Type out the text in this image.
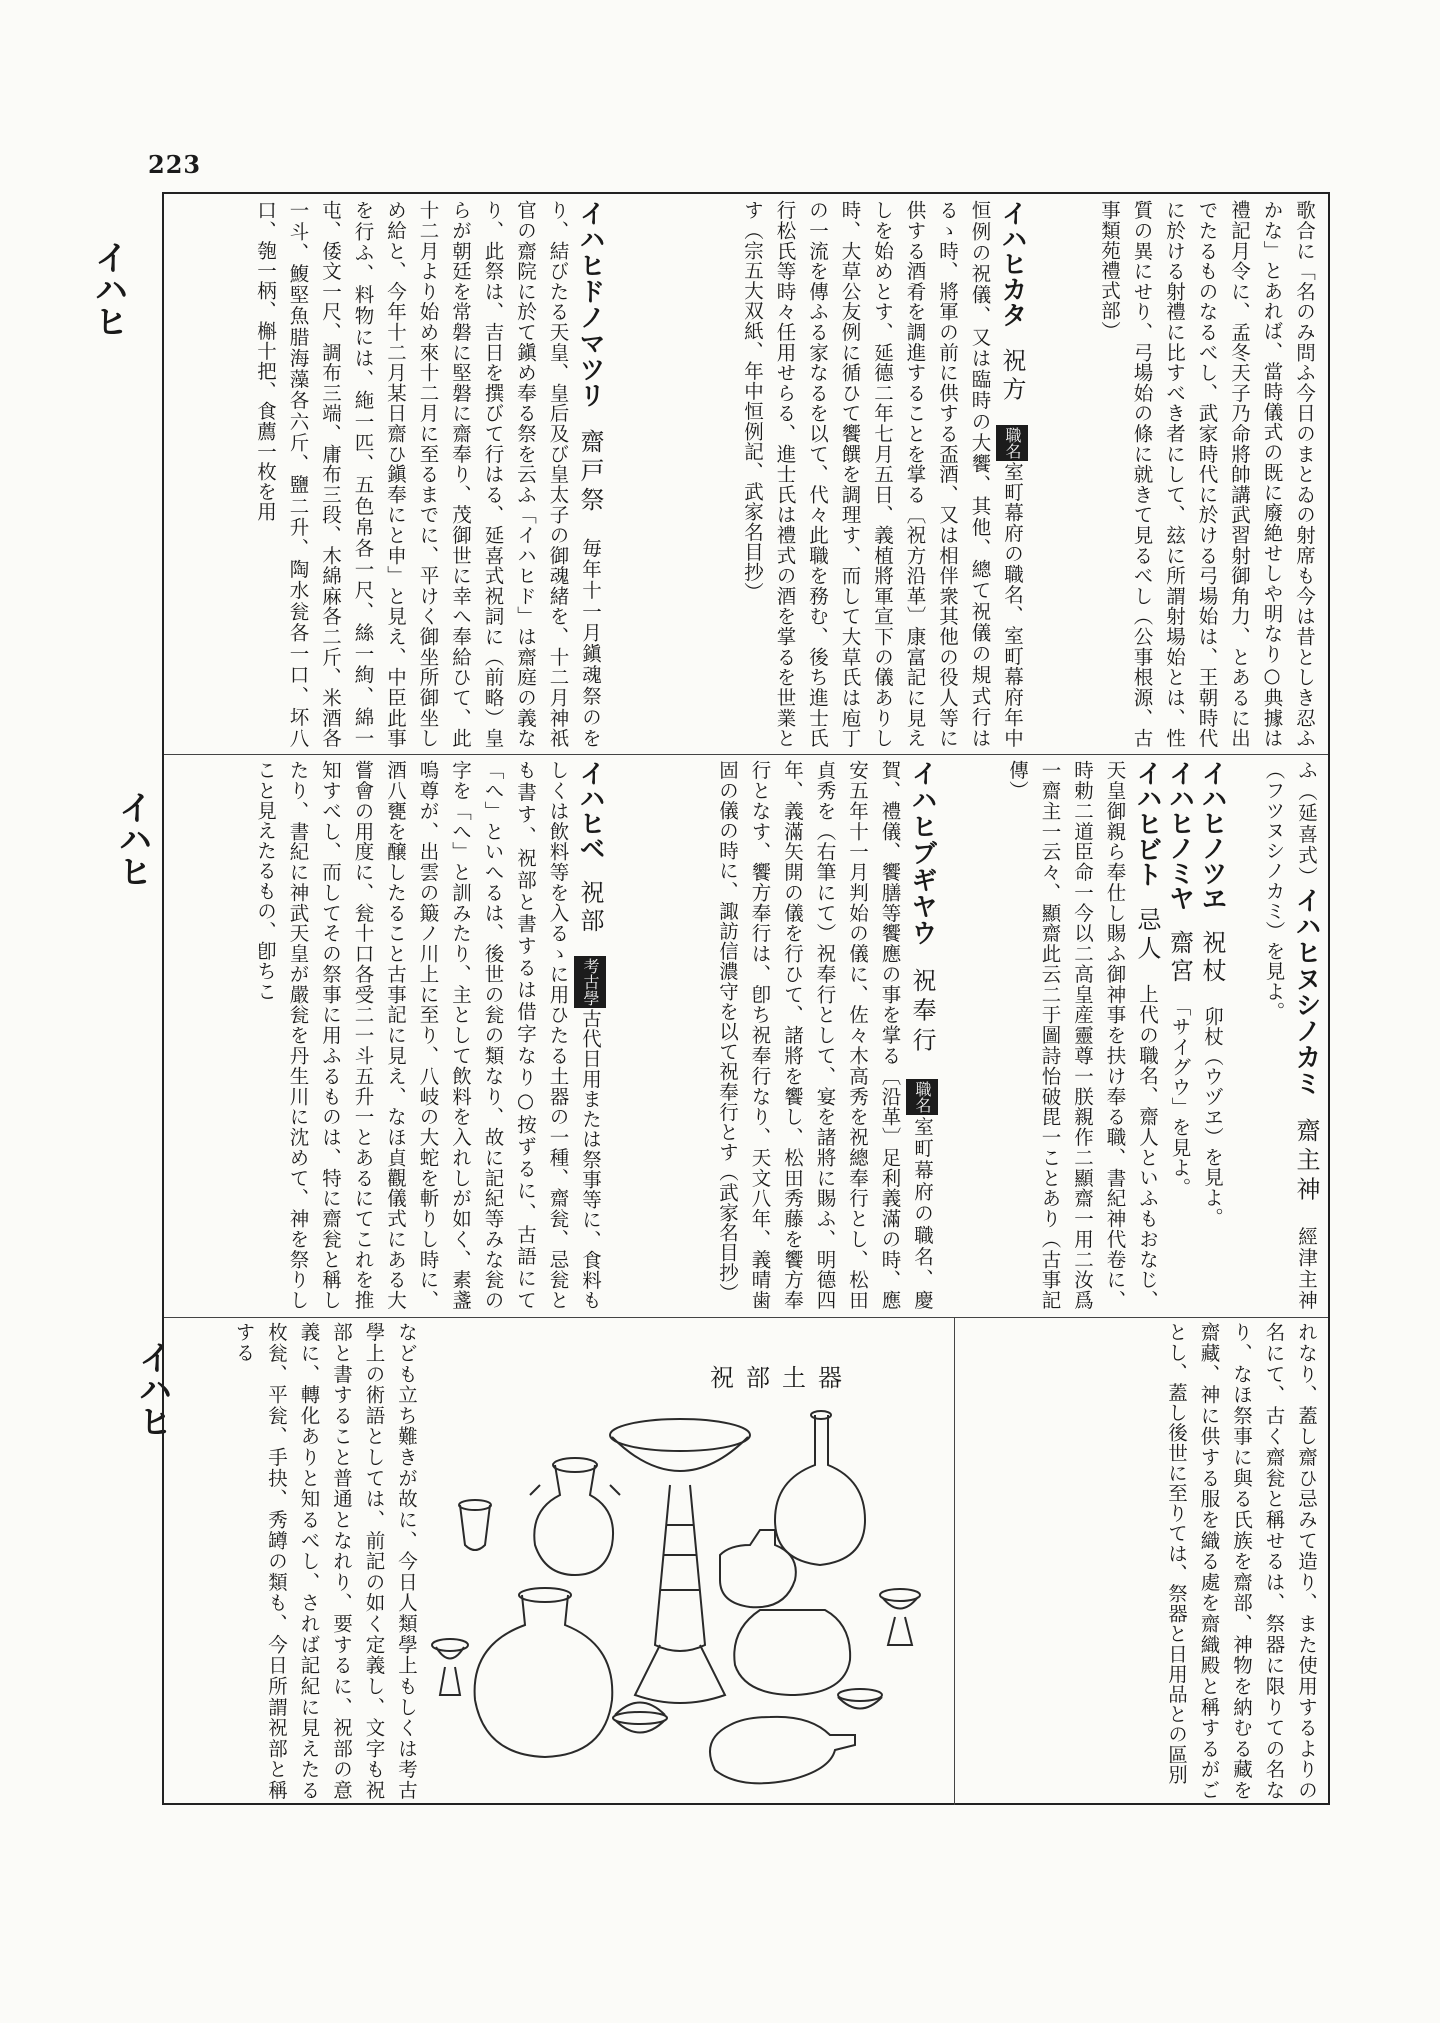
223
イハヒ
イハヒ
イハヒ

歌合に「名のみ問ふ今日のまとゐの射席も今は昔としき忍ふかな」とあれば、當時儀式の既に廢絶せしや明なり○典據は禮記月令に、孟冬天子乃命將帥講武習射御角力、とあるに出でたるものなるべし、武家時代に於ける弓場始は、王朝時代に於ける射禮に比すべき者にして、玆に所謂射場始とは、性質の異にせり、弓場始の條に就きて見るべし（公事根源、古事類苑禮式部）

イハヒカタ　祝方　職名室町幕府の職名、室町幕府年中恒例の祝儀、又は臨時の大饗、其他、總て祝儀の規式行はるゝ時、將軍の前に供する盃酒、又は相伴衆其他の役人等に供する酒肴を調進することを掌る〔祝方沿革〕康富記に見えしを始めとす、延德二年七月五日、義植將軍宣下の儀ありし時、大草公友例に循ひて饗饌を調理す、而して大草氏は庖丁の一流を傳ふる家なるを以て、代々此職を務む、後ち進士氏行松氏等時々任用せらる、進士氏は禮式の酒を掌るを世業とす（宗五大双紙、年中恒例記、武家名目抄）

イハヒドノマツリ　齋戸祭　毎年十一月鎭魂祭のをり、結びたる天皇、皇后及び皇太子の御魂緒を、十二月神祇官の齋院に於て鎭め奉る祭を云ふ「イハヒド」は齋庭の義なり、此祭は、吉日を撰びて行はる、延喜式祝詞に（前略）皇らが朝廷を常磐に堅磐に齋奉り、茂御世に幸へ奉給ひて、此十二月より始め來十二月に至るまでに、平けく御坐所御坐しめ給と、今年十二月某日齋ひ鎭奉にと申」と見え、中臣此事を行ふ、料物には、絁一匹、五色帛各一尺、絲一絢、綿一屯、倭文一尺、調布三端、庸布三段、木綿麻各二斤、米酒各一斗、鰒堅魚腊海藻各六斤、鹽二升、陶水瓮各一口、坏八口、匏一柄、槲十把、食薦一枚を用

ふ（延喜式）イハヒヌシノカミ　齋主神　經津主神（フツヌシノカミ）を見よ。

イハヒノツヱ　祝杖　卯杖（ウヅヱ）を見よ。

イハヒノミヤ　齋宮　「サイグウ」を見よ。

イハヒビト　忌人　上代の職名、齋人といふもおなじ、天皇御親ら奉仕し賜ふ御神事を扶け奉る職、書紀神代卷に、時勅二道臣命一今以二高皇産靈尊一朕親作二顯齋一用二汝爲一齋主一云々、顯齋此云二于圖詩怡破毘一ことあり（古事記傳）

イハヒブギヤウ　祝奉行　職名室町幕府の職名、慶賀、禮儀、饗膳等饗應の事を掌る〔沿革〕足利義滿の時、應安五年十一月判始の儀に、佐々木高秀を祝總奉行とし、松田貞秀を（右筆にて）祝奉行として、宴を諸將に賜ふ、明德四年、義滿矢開の儀を行ひて、諸將を饗し、松田秀藤を饗方奉行となす、饗方奉行は、卽ち祝奉行なり、天文八年、義晴歯固の儀の時に、諏訪信濃守を以て祝奉行とす（武家名目抄）

イハヒベ　祝部　考古學古代日用または祭事等に、食料もしくは飲料等を入るゝに用ひたる土器の一種、齋瓮、忌瓮とも書す、祝部と書するは借字なり○按ずるに、古語にて「へ」といへるは、後世の瓮の類なり、故に記紀等みな瓮の字を「へ」と訓みたり、主として飲料を入れしが如く、素盞嗚尊が、出雲の簸ノ川上に至り、八岐の大蛇を斬りし時に、酒八甕を醸したること古事記に見え、なほ貞觀儀式にある大嘗會の用度に、瓮十口各受二一斗五升一とあるにてこれを推知すべし、而してその祭事に用ふるものは、特に齋瓮と稱したり、書紀に神武天皇が嚴瓮を丹生川に沈めて、神を祭りしこと見えたるもの、卽ちこ

れなり、蓋し齋ひ忌みて造り、また使用するよりの名にて、古く齋瓮と稱せるは、祭器に限りての名なり、なほ祭事に與る氏族を齋部、神物を納むる藏を齋藏、神に供する服を織る處を齋織殿と稱するがごとし、蓋し後世に至りては、祭器と日用品との區別

なども立ち難きが故に、今日人類學上もしくは考古學上の術語としては、前記の如く定義し、文字も祝部と書すること普通となれり、要するに、祝部の意義に、轉化ありと知るべし、されば記紀に見えたる枚瓮、平瓮、手抉、秀罇の類も、今日所謂祝部と稱する

祝部土器
